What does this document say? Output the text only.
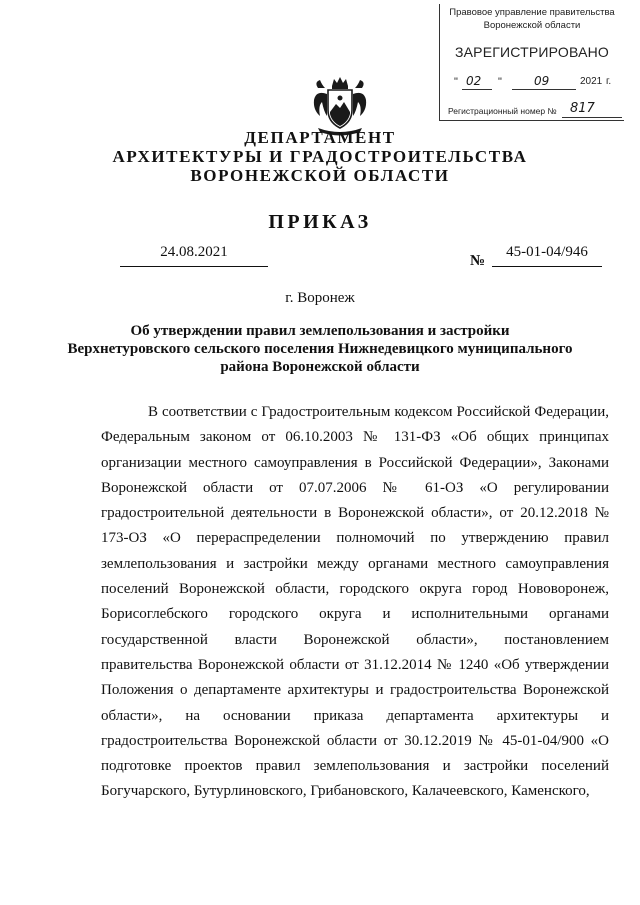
Правовое управление правительства
Воронежской области
ЗАРЕГИСТРИРОВАНО
" 02 "	09	2021 г.
Регистрационный номер № 817
ДЕПАРТАМЕНТ
АРХИТЕКТУРЫ И ГРАДОСТРОИТЕЛЬСТВА
ВОРОНЕЖСКОЙ ОБЛАСТИ
ПРИКАЗ
24.08.2021
№
45-01-04/946
г. Воронеж
Об утверждении правил землепользования и застройки
Верхнетуровского сельского поселения Нижнедевицкого муниципального
района Воронежской области
В соответствии с Градостроительным кодексом Российской Федерации, Федеральным законом от 06.10.2003 № 131-ФЗ «Об общих принципах организации местного самоуправления в Российской Федерации», Законами Воронежской области от 07.07.2006 № 61-ОЗ «О регулировании градостроительной деятельности в Воронежской области», от 20.12.2018 № 173-ОЗ «О перераспределении полномочий по утверждению правил землепользования и застройки между органами местного самоуправления поселений Воронежской области, городского округа город Нововоронеж, Борисоглебского городского округа и исполнительными органами государственной власти Воронежской области», постановлением правительства Воронежской области от 31.12.2014 № 1240 «Об утверждении Положения о департаменте архитектуры и градостроительства Воронежской области», на основании приказа департамента архитектуры и градостроительства Воронежской области от 30.12.2019 № 45-01-04/900 «О подготовке проектов правил землепользования и застройки поселений Богучарского, Бутурлиновского, Грибановского, Калачеевского, Каменского,
